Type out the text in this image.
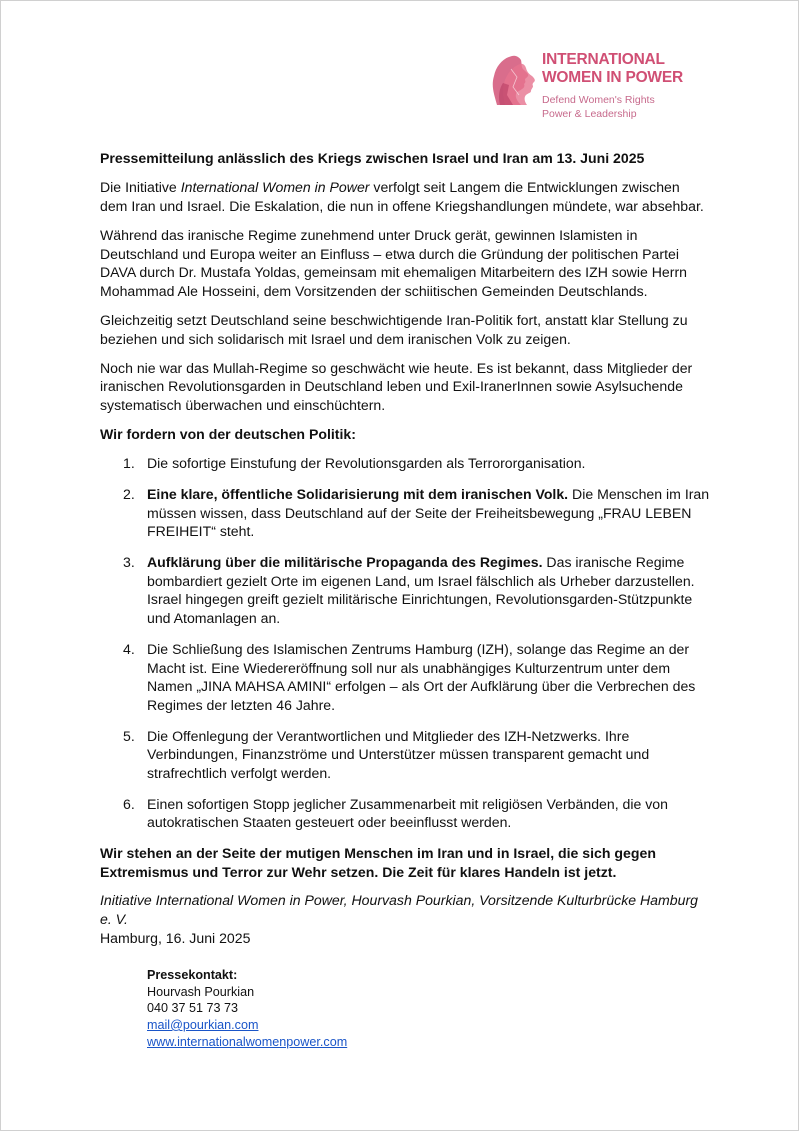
INTERNATIONAL
WOMEN IN POWER
Defend Women's Rights
Power & Leadership

Pressemitteilung anlässlich des Kriegs zwischen Israel und Iran am 13. Juni 2025

Die Initiative International Women in Power verfolgt seit Langem die Entwicklungen zwischen dem Iran und Israel. Die Eskalation, die nun in offene Kriegshandlungen mündete, war absehbar.

Während das iranische Regime zunehmend unter Druck gerät, gewinnen Islamisten in Deutschland und Europa weiter an Einfluss – etwa durch die Gründung der politischen Partei DAVA durch Dr. Mustafa Yoldas, gemeinsam mit ehemaligen Mitarbeitern des IZH sowie Herrn Mohammad Ale Hosseini, dem Vorsitzenden der schiitischen Gemeinden Deutschlands.

Gleichzeitig setzt Deutschland seine beschwichtigende Iran-Politik fort, anstatt klar Stellung zu beziehen und sich solidarisch mit Israel und dem iranischen Volk zu zeigen.

Noch nie war das Mullah-Regime so geschwächt wie heute. Es ist bekannt, dass Mitglieder der iranischen Revolutionsgarden in Deutschland leben und Exil-IranerInnen sowie Asylsuchende systematisch überwachen und einschüchtern.

Wir fordern von der deutschen Politik:

1. Die sofortige Einstufung der Revolutionsgarden als Terrororganisation.
2. Eine klare, öffentliche Solidarisierung mit dem iranischen Volk. Die Menschen im Iran müssen wissen, dass Deutschland auf der Seite der Freiheitsbewegung „FRAU LEBEN FREIHEIT“ steht.
3. Aufklärung über die militärische Propaganda des Regimes. Das iranische Regime bombardiert gezielt Orte im eigenen Land, um Israel fälschlich als Urheber darzustellen. Israel hingegen greift gezielt militärische Einrichtungen, Revolutionsgarden-Stützpunkte und Atomanlagen an.
4. Die Schließung des Islamischen Zentrums Hamburg (IZH), solange das Regime an der Macht ist. Eine Wiedereröffnung soll nur als unabhängiges Kulturzentrum unter dem Namen „JINA MAHSA AMINI“ erfolgen – als Ort der Aufklärung über die Verbrechen des Regimes der letzten 46 Jahre.
5. Die Offenlegung der Verantwortlichen und Mitglieder des IZH-Netzwerks. Ihre Verbindungen, Finanzströme und Unterstützer müssen transparent gemacht und strafrechtlich verfolgt werden.
6. Einen sofortigen Stopp jeglicher Zusammenarbeit mit religiösen Verbänden, die von autokratischen Staaten gesteuert oder beeinflusst werden.

Wir stehen an der Seite der mutigen Menschen im Iran und in Israel, die sich gegen Extremismus und Terror zur Wehr setzen. Die Zeit für klares Handeln ist jetzt.

Initiative International Women in Power, Hourvash Pourkian, Vorsitzende Kulturbrücke Hamburg e. V.
Hamburg, 16. Juni 2025

Pressekontakt:
Hourvash Pourkian
040 37 51 73 73
mail@pourkian.com
www.internationalwomenpower.com
